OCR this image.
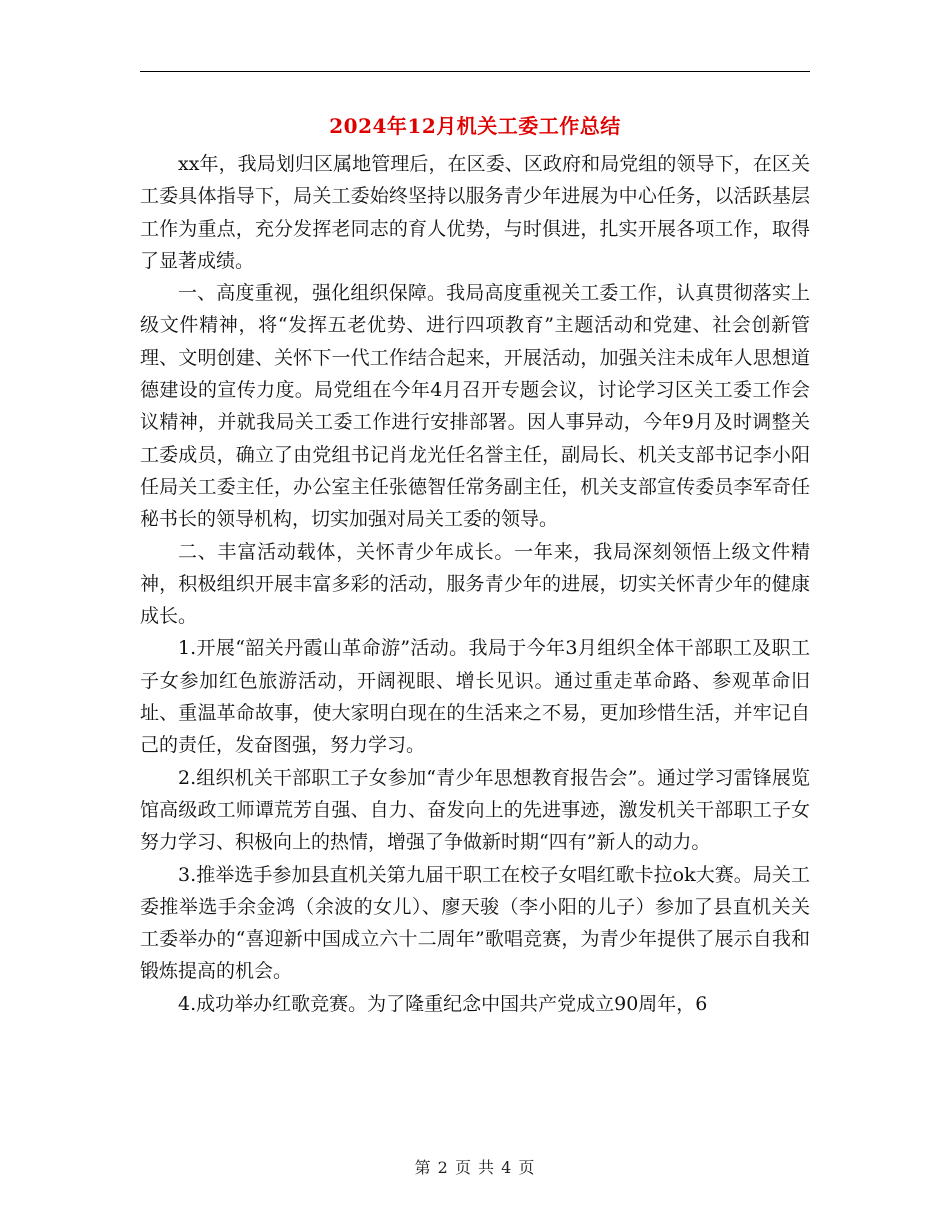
2024年12月机关工委工作总结

xx年，我局划归区属地管理后，在区委、区政府和局党组的领导下，在区关工委具体指导下，局关工委始终坚持以服务青少年进展为中心任务，以活跃基层工作为重点，充分发挥老同志的育人优势，与时俱进，扎实开展各项工作，取得了显著成绩。

一、高度重视，强化组织保障。我局高度重视关工委工作，认真贯彻落实上级文件精神，将“发挥五老优势、进行四项教育”主题活动和党建、社会创新管理、文明创建、关怀下一代工作结合起来，开展活动，加强关注未成年人思想道德建设的宣传力度。局党组在今年4月召开专题会议，讨论学习区关工委工作会议精神，并就我局关工委工作进行安排部署。因人事异动，今年9月及时调整关工委成员，确立了由党组书记肖龙光任名誉主任，副局长、机关支部书记李小阳任局关工委主任，办公室主任张德智任常务副主任，机关支部宣传委员李军奇任秘书长的领导机构，切实加强对局关工委的领导。

二、丰富活动载体，关怀青少年成长。一年来，我局深刻领悟上级文件精神，积极组织开展丰富多彩的活动，服务青少年的进展，切实关怀青少年的健康成长。

1.开展“韶关丹霞山革命游”活动。我局于今年3月组织全体干部职工及职工子女参加红色旅游活动，开阔视眼、增长见识。通过重走革命路、参观革命旧址、重温革命故事，使大家明白现在的生活来之不易，更加珍惜生活，并牢记自己的责任，发奋图强，努力学习。

2.组织机关干部职工子女参加“青少年思想教育报告会”。通过学习雷锋展览馆高级政工师谭荒芳自强、自力、奋发向上的先进事迹，激发机关干部职工子女努力学习、积极向上的热情，增强了争做新时期“四有”新人的动力。

3.推举选手参加县直机关第九届干职工在校子女唱红歌卡拉ok大赛。局关工委推举选手余金鸿（余波的女儿）、廖天骏（李小阳的儿子）参加了县直机关关工委举办的“喜迎新中国成立六十二周年”歌唱竞赛，为青少年提供了展示自我和锻炼提高的机会。

4.成功举办红歌竞赛。为了隆重纪念中国共产党成立90周年，6

第 2 页 共 4 页
